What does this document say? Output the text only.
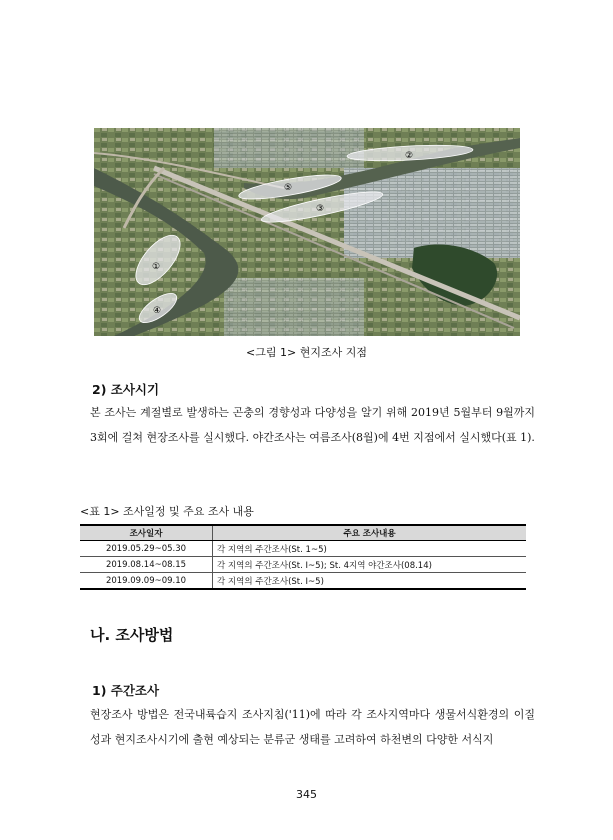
①
②
③
④
⑤
<그림 1> 현지조사 지점
2) 조사시기
본 조사는 계절별로 발생하는 곤충의 경향성과 다양성을 알기 위해 2019년 5월부터 9월까지 3회에 걸쳐 현장조사를 실시했다. 야간조사는 여름조사(8월)에 4번 지점에서 실시했다(표 1).
<표 1> 조사일정 및 주요 조사 내용
조사일자	주요 조사내용
2019.05.29~05.30	각 지역의 주간조사(St. 1~5)
2019.08.14~08.15	각 지역의 주간조사(St. I~5); St. 4지역 야간조사(08.14)
2019.09.09~09.10	각 지역의 주간조사(St. I~5)
나. 조사방법
1) 주간조사
현장조사 방법은 전국내륙습지 조사지침('11)에 따라 각 조사지역마다 생물서식환경의 이질성과 현지조사시기에 출현 예상되는 분류군 생태를 고려하여 하천변의 다양한 서식지
345
